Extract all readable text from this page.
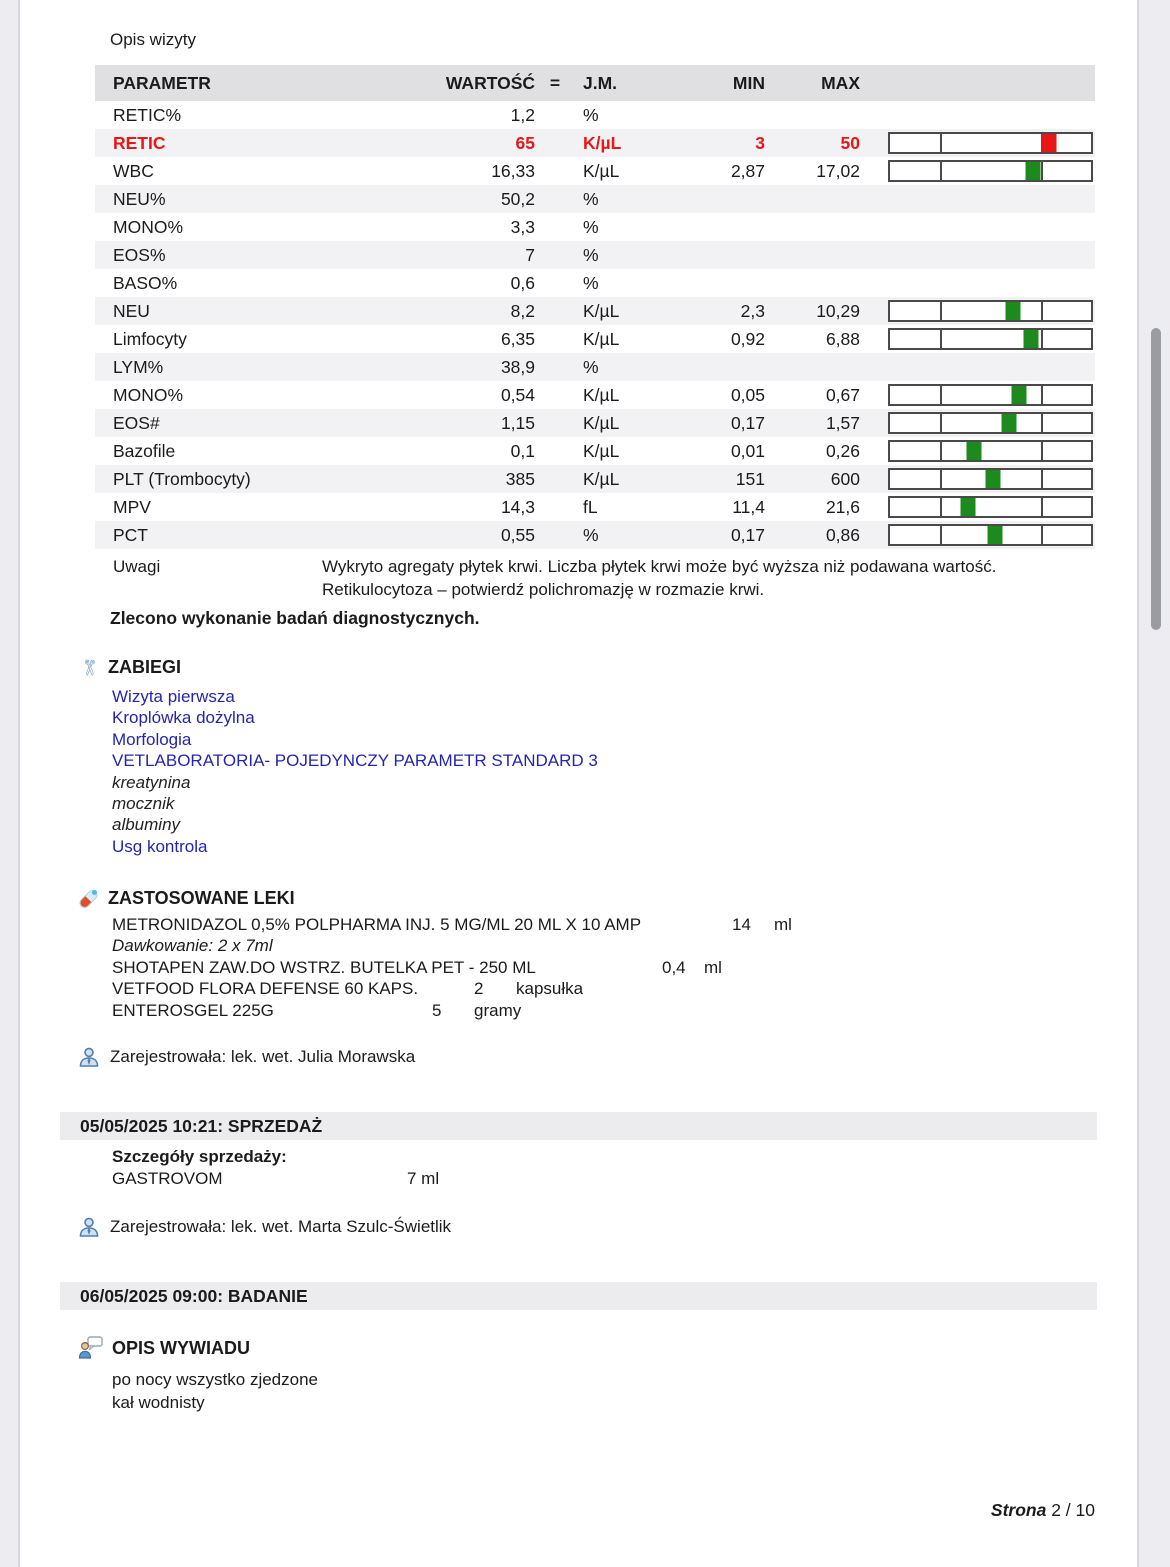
Opis wizyty
PARAMETR	WARTOŚĆ =	J.M.	MIN	MAX
RETIC%	1,2	%
RETIC	65	K/µL	3	50
WBC	16,33	K/µL	2,87	17,02
NEU%	50,2	%
MONO%	3,3	%
EOS%	7	%
BASO%	0,6	%
NEU	8,2	K/µL	2,3	10,29
Limfocyty	6,35	K/µL	0,92	6,88
LYM%	38,9	%
MONO%	0,54	K/µL	0,05	0,67
EOS#	1,15	K/µL	0,17	1,57
Bazofile	0,1	K/µL	0,01	0,26
PLT (Trombocyty)	385	K/µL	151	600
MPV	14,3	fL	11,4	21,6
PCT	0,55	%	0,17	0,86
Uwagi	Wykryto agregaty płytek krwi. Liczba płytek krwi może być wyższa niż podawana wartość.
Retikulocytoza – potwierdź polichromazję w rozmazie krwi.
Zlecono wykonanie badań diagnostycznych.
✄ ZABIEGI
Wizyta pierwsza
Kroplówka dożylna
Morfologia
VETLABORATORIA- POJEDYNCZY PARAMETR STANDARD 3
kreatynina
mocznik
albuminy
Usg kontrola
ZASTOSOWANE LEKI
METRONIDAZOL 0,5% POLPHARMA INJ. 5 MG/ML 20 ML X 10 AMP	14	ml
Dawkowanie: 2 x 7ml
SHOTAPEN ZAW.DO WSTRZ. BUTELKA PET - 250 ML	0,4	ml
VETFOOD FLORA DEFENSE 60 KAPS.	2	kapsułka
ENTEROSGEL 225G	5	gramy
Zarejestrowała: lek. wet. Julia Morawska
05/05/2025 10:21: SPRZEDAŻ
Szczegóły sprzedaży:
GASTROVOM	7 ml
Zarejestrowała: lek. wet. Marta Szulc-Świetlik
06/05/2025 09:00: BADANIE
OPIS WYWIADU
po nocy wszystko zjedzone
kał wodnisty
Strona 2 / 10
